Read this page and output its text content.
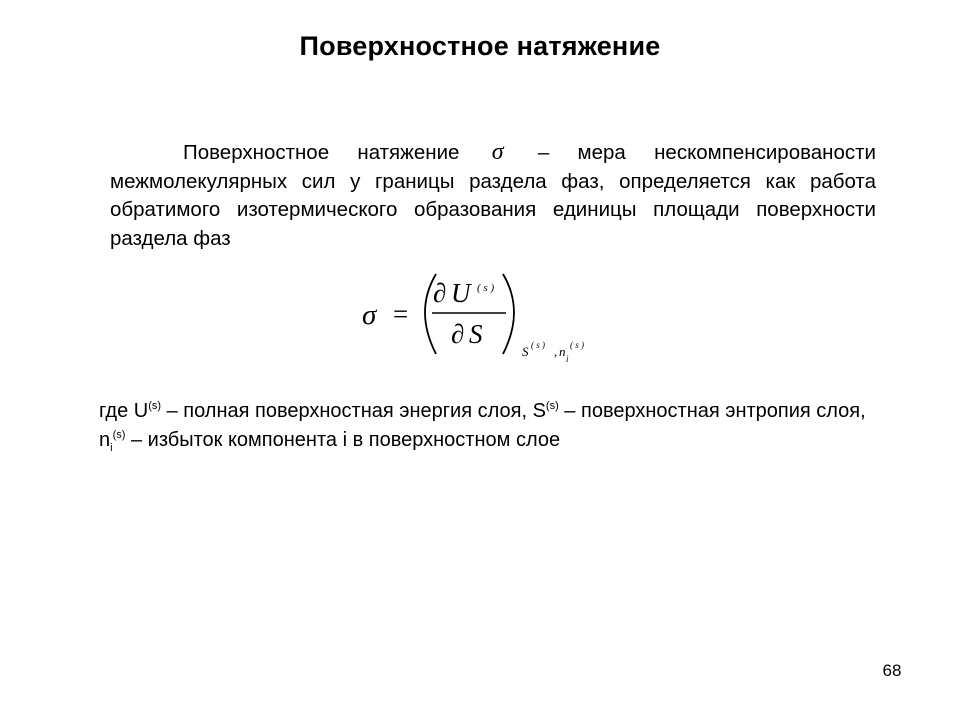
Поверхностное натяжение
Поверхностное натяжение σ – мера нескомпенсированости межмолекулярных сил у границы раздела фаз, определяется как работа обратимого изотермического образования единицы площади поверхности раздела фаз
σ =
∂ U ( s )
∂ S
S ( s ) , n i
( s )
где $U^{(s)}$ – полная поверхностная энергия слоя, $S^{(s)}$ – поверхностная энтропия слоя, $n_i^{(s)}$ – избыток компонента i в поверхностном слое
68
